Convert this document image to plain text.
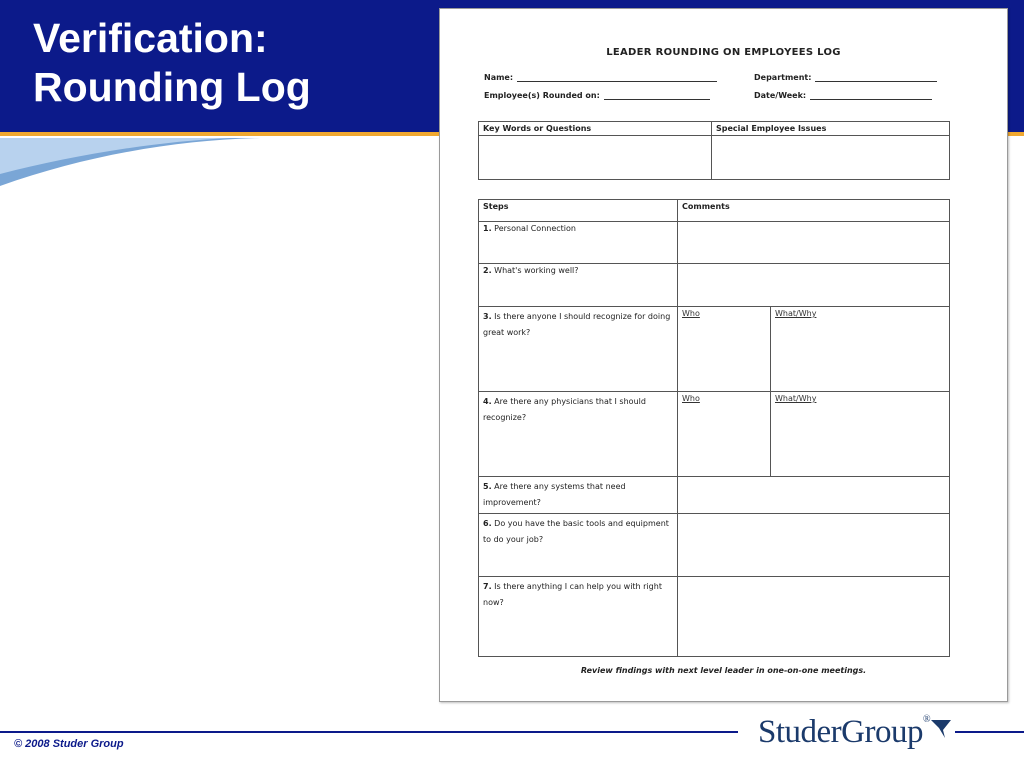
Verification:
Rounding Log
LEADER ROUNDING ON EMPLOYEES LOG
Name:	Department:
Employee(s) Rounded on:	Date/Week:
Key Words or Questions	Special Employee Issues

Steps	Comments	
1. Personal Connection		
2. What's working well?		
3. Is there anyone I should recognize for doing great work?	Who	What/Why
4. Are there any physicians that I should recognize?	Who	What/Why
5. Are there any systems that need improvement?		
6. Do you have the basic tools and equipment to do your job?		
7. Is there anything I can help you with right now?		
Review findings with next level leader in one-on-one meetings.
© 2008 Studer Group	StuderGroup®
